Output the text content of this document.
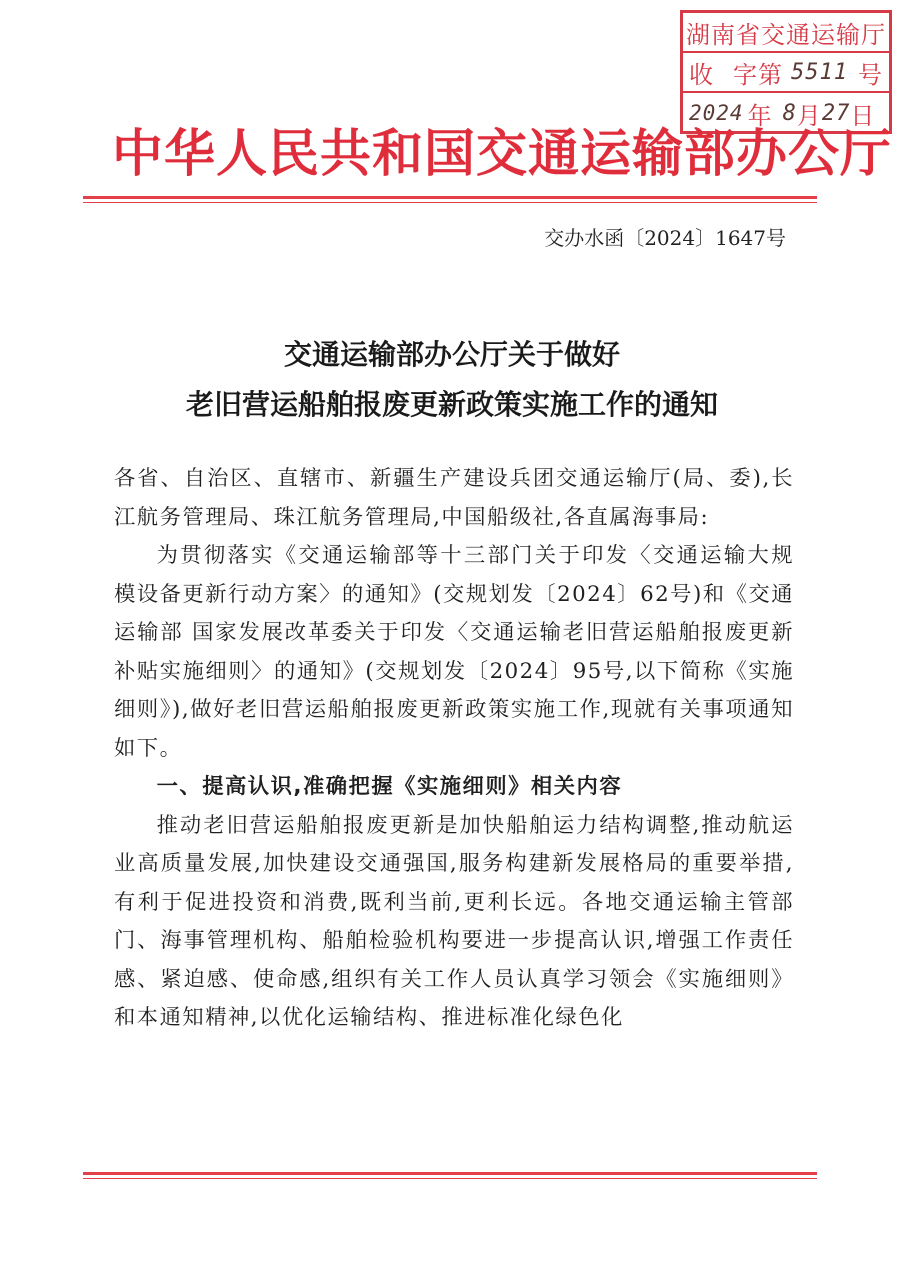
湖南省交通运输厅
收 字第 5511 号
2024 年 8 月 27 日
中华人民共和国交通运输部办公厅
交办水函〔2024〕1647号
交通运输部办公厅关于做好
老旧营运船舶报废更新政策实施工作的通知

各省、自治区、直辖市、新疆生产建设兵团交通运输厅(局、委),长江航务管理局、珠江航务管理局,中国船级社,各直属海事局:

为贯彻落实《交通运输部等十三部门关于印发〈交通运输大规模设备更新行动方案〉的通知》(交规划发〔2024〕62号)和《交通运输部 国家发展改革委关于印发〈交通运输老旧营运船舶报废更新补贴实施细则〉的通知》(交规划发〔2024〕95号,以下简称《实施细则》),做好老旧营运船舶报废更新政策实施工作,现就有关事项通知如下。

一、提高认识,准确把握《实施细则》相关内容

推动老旧营运船舶报废更新是加快船舶运力结构调整,推动航运业高质量发展,加快建设交通强国,服务构建新发展格局的重要举措,有利于促进投资和消费,既利当前,更利长远。各地交通运输主管部门、海事管理机构、船舶检验机构要进一步提高认识,增强工作责任感、紧迫感、使命感,组织有关工作人员认真学习领会《实施细则》和本通知精神,以优化运输结构、推进标准化绿色化
